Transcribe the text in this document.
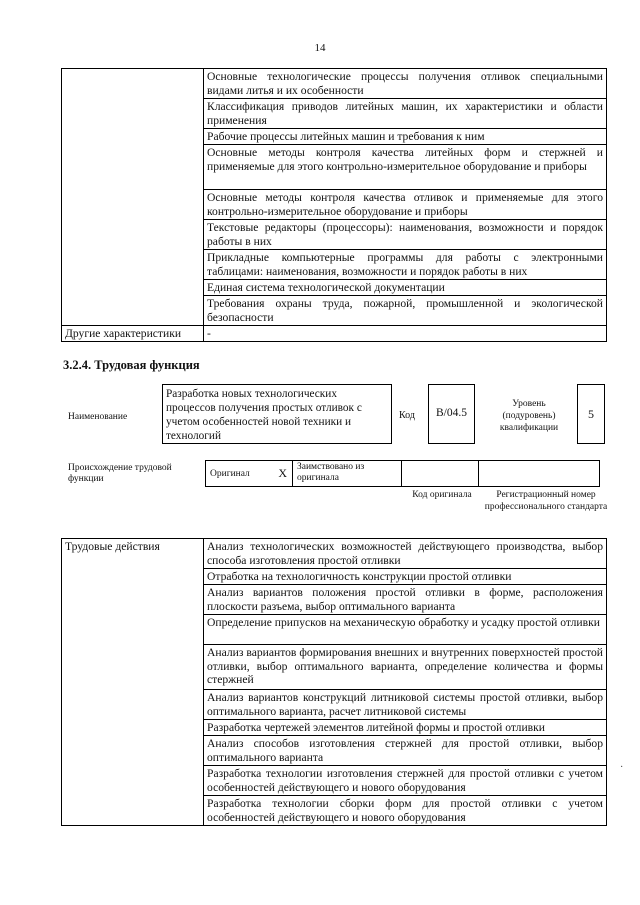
14
	Основные технологические процессы получения отливок специальными видами литья и их особенности
	Классификация приводов литейных машин, их характеристики и области применения
	Рабочие процессы литейных машин и требования к ним
	Основные методы контроля качества литейных форм и стержней и применяемые для этого контрольно-измерительное оборудование и приборы
	Основные методы контроля качества отливок и применяемые для этого контрольно-измерительное оборудование и приборы
	Текстовые редакторы (процессоры): наименования, возможности и порядок работы в них
	Прикладные компьютерные программы для работы с электронными таблицами: наименования, возможности и порядок работы в них
	Единая система технологической документации
	Требования охраны труда, пожарной, промышленной и экологической безопасности
Другие характеристики	-
3.2.4. Трудовая функция
Наименование
Разработка новых технологических процессов получения простых отливок с учетом особенностей новой техники и технологий
Код	B/04.5
Уровень (подуровень) квалификации
5
Происхождение трудовой функции
Оригинал X	Заимствовано из оригинала
Код оригинала	Регистрационный номер профессионального стандарта
Трудовые действия	Анализ технологических возможностей действующего производства, выбор способа изготовления простой отливки
Отработка на технологичность конструкции простой отливки
Анализ вариантов положения простой отливки в форме, расположения плоскости разъема, выбор оптимального варианта
Определение припусков на механическую обработку и усадку простой отливки
Анализ вариантов формирования внешних и внутренних поверхностей простой отливки, выбор оптимального варианта, определение количества и формы стержней
Анализ вариантов конструкций литниковой системы простой отливки, выбор оптимального варианта, расчет литниковой системы
Разработка чертежей элементов литейной формы и простой отливки
Анализ способов изготовления стержней для простой отливки, выбор оптимального варианта
Разработка технологии изготовления стержней для простой отливки с учетом особенностей действующего и нового оборудования
Разработка технологии сборки форм для простой отливки с учетом особенностей действующего и нового оборудования
·
